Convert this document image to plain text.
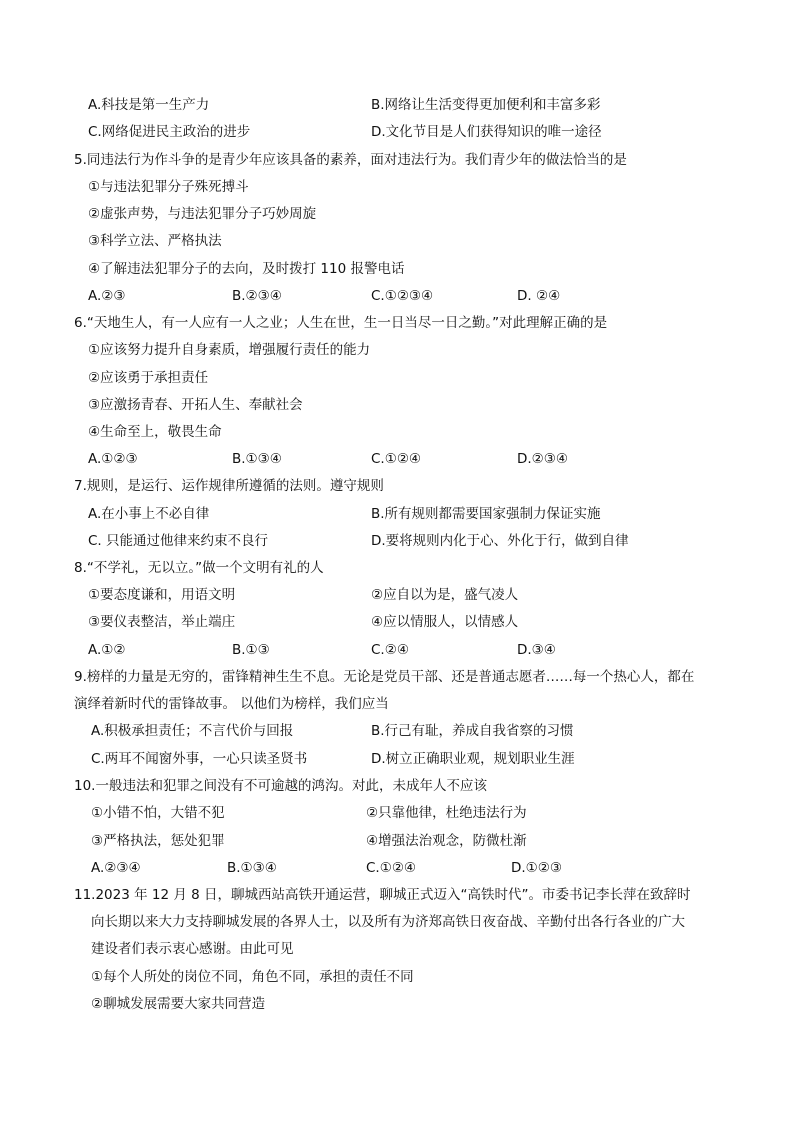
A.科技是第一生产力	B.网络让生活变得更加便利和丰富多彩
C.网络促进民主政治的进步	D.文化节目是人们获得知识的唯一途径
5.同违法行为作斗争的是青少年应该具备的素养，面对违法行为。我们青少年的做法恰当的是
①与违法犯罪分子殊死搏斗
②虚张声势，与违法犯罪分子巧妙周旋
③科学立法、严格执法
④了解违法犯罪分子的去向，及时拨打 110 报警电话
A.②③	B.②③④	C.①②③④	D. ②④
6.“天地生人，有一人应有一人之业；人生在世，生一日当尽一日之勤。”对此理解正确的是
①应该努力提升自身素质，增强履行责任的能力
②应该勇于承担责任
③应激扬青春、开拓人生、奉献社会
④生命至上，敬畏生命
A.①②③	B.①③④	C.①②④	D.②③④
7.规则，是运行、运作规律所遵循的法则。遵守规则
A.在小事上不必自律	B.所有规则都需要国家强制力保证实施
C. 只能通过他律来约束不良行	D.要将规则内化于心、外化于行，做到自律
8.“不学礼，无以立。”做一个文明有礼的人
①要态度谦和，用语文明	②应自以为是，盛气凌人
③要仪表整洁，举止端庄	④应以情服人，以情感人
A.①②	B.①③	C.②④	D.③④
9.榜样的力量是无穷的，雷锋精神生生不息。无论是党员干部、还是普通志愿者……每一个热心人，都在
演绎着新时代的雷锋故事。 以他们为榜样，我们应当
A.积极承担责任；不言代价与回报	B.行己有耻，养成自我省察的习惯
C.两耳不闻窗外事，一心只读圣贤书	D.树立正确职业观，规划职业生涯
10.一般违法和犯罪之间没有不可逾越的鸿沟。对此，未成年人不应该
①小错不怕，大错不犯	②只靠他律，杜绝违法行为
③严格执法，惩处犯罪	④增强法治观念，防微杜渐
A.②③④	B.①③④	C.①②④	D.①②③
11.2023 年 12 月 8 日，聊城西站高铁开通运营，聊城正式迈入“高铁时代”。市委书记李长萍在致辞时
向长期以来大力支持聊城发展的各界人士，以及所有为济郑高铁日夜奋战、辛勤付出各行各业的广大
建设者们表示衷心感谢。由此可见
①每个人所处的岗位不同，角色不同，承担的责任不同
②聊城发展需要大家共同营造
